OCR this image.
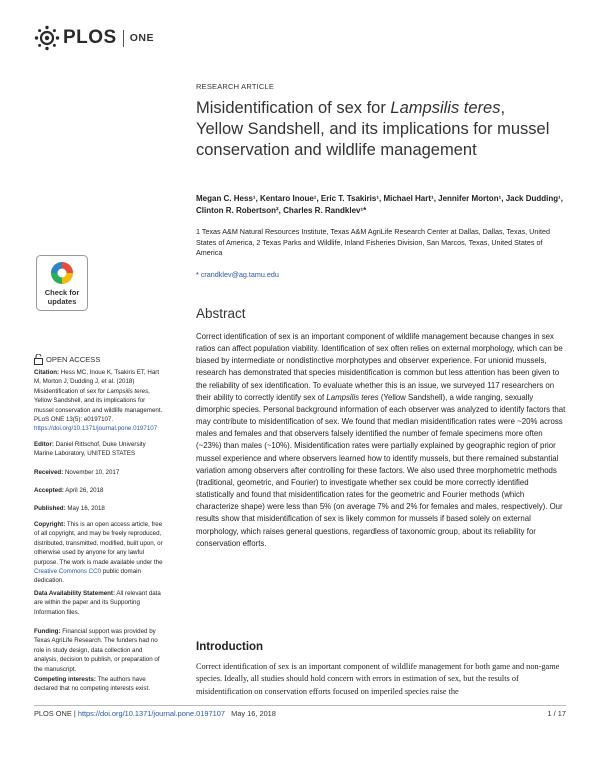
PLOS ONE
RESEARCH ARTICLE
Misidentification of sex for Lampsilis teres, Yellow Sandshell, and its implications for mussel conservation and wildlife management
Megan C. Hess¹, Kentaro Inoue¹, Eric T. Tsakiris¹, Michael Hart¹, Jennifer Morton¹, Jack Dudding¹, Clinton R. Robertson², Charles R. Randklev¹*
1 Texas A&M Natural Resources Institute, Texas A&M AgriLife Research Center at Dallas, Dallas, Texas, United States of America, 2 Texas Parks and Wildlife, Inland Fisheries Division, San Marcos, Texas, United States of America
* crandklev@ag.tamu.edu
Check for
updates
OPEN ACCESS
Citation: Hess MC, Inoue K, Tsakiris ET, Hart M, Morton J, Dudding J, et al. (2018) Misidentification of sex for Lampsilis teres, Yellow Sandshell, and its implications for mussel conservation and wildlife management. PLoS ONE 13(5): e0197107. https://doi.org/10.1371/journal.pone.0197107
Editor: Daniel Rittschof, Duke University Marine Laboratory, UNITED STATES
Received: November 10, 2017
Accepted: April 26, 2018
Published: May 16, 2018
Copyright: This is an open access article, free of all copyright, and may be freely reproduced, distributed, transmitted, modified, built upon, or otherwise used by anyone for any lawful purpose. The work is made available under the Creative Commons CC0 public domain dedication.
Data Availability Statement: All relevant data are within the paper and its Supporting Information files.
Funding: Financial support was provided by Texas AgriLife Research. The funders had no role in study design, data collection and analysis, decision to publish, or preparation of the manuscript.
Competing interests: The authors have declared that no competing interests exist.
Abstract
Correct identification of sex is an important component of wildlife management because changes in sex ratios can affect population viability. Identification of sex often relies on external morphology, which can be biased by intermediate or nondistinctive morphotypes and observer experience. For unionid mussels, research has demonstrated that species misidentification is common but less attention has been given to the reliability of sex identification. To evaluate whether this is an issue, we surveyed 117 researchers on their ability to correctly identify sex of Lampsilis teres (Yellow Sandshell), a wide ranging, sexually dimorphic species. Personal background information of each observer was analyzed to identify factors that may contribute to misidentification of sex. We found that median misidentification rates were ~20% across males and females and that observers falsely identified the number of female specimens more often (~23%) than males (~10%). Misidentification rates were partially explained by geographic region of prior mussel experience and where observers learned how to identify mussels, but there remained substantial variation among observers after controlling for these factors. We also used three morphometric methods (traditional, geometric, and Fourier) to investigate whether sex could be more correctly identified statistically and found that misidentification rates for the geometric and Fourier methods (which characterize shape) were less than 5% (on average 7% and 2% for females and males, respectively). Our results show that misidentification of sex is likely common for mussels if based solely on external morphology, which raises general questions, regardless of taxonomic group, about its reliability for conservation efforts.
Introduction
Correct identification of sex is an important component of wildlife management for both game and non-game species. Ideally, all studies should hold concern with errors in estimation of sex, but the results of misidentification on conservation efforts focused on imperiled species raise the
PLOS ONE | https://doi.org/10.1371/journal.pone.0197107 May 16, 2018	1 / 17
